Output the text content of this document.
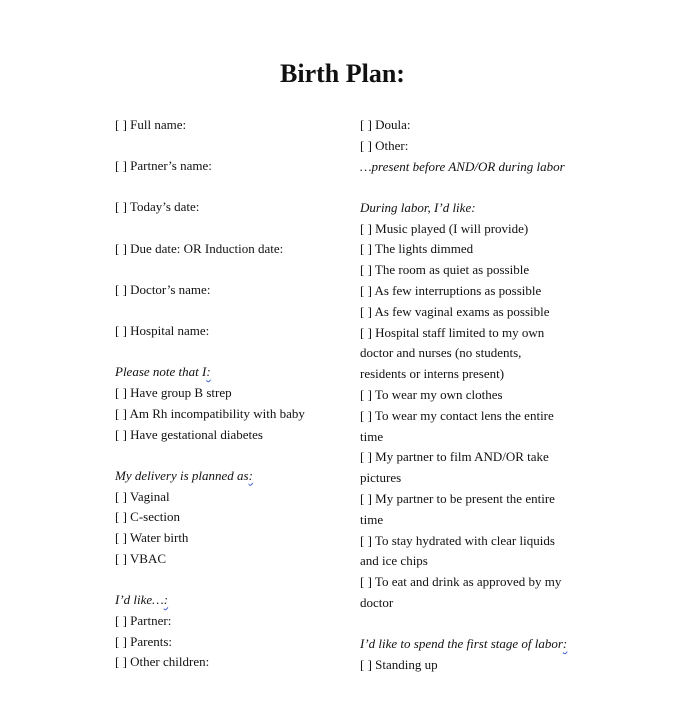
Birth Plan:
[ ] Full name:
[ ] Partner’s name:
[ ] Today’s date:
[ ] Due date: OR Induction date:
[ ] Doctor’s name:
[ ] Hospital name:
Please note that I:
[ ] Have group B strep
[ ] Am Rh incompatibility with baby
[ ] Have gestational diabetes
My delivery is planned as:
[ ] Vaginal
[ ] C-section
[ ] Water birth
[ ] VBAC
I’d like…:
[ ] Partner:
[ ] Parents:
[ ] Other children:
[ ] Doula:
[ ] Other:
…present before AND/OR during labor
During labor, I’d like:
[ ] Music played (I will provide)
[ ] The lights dimmed
[ ] The room as quiet as possible
[ ] As few interruptions as possible
[ ] As few vaginal exams as possible
[ ] Hospital staff limited to my own
doctor and nurses (no students,
residents or interns present)
[ ] To wear my own clothes
[ ] To wear my contact lens the entire
time
[ ] My partner to film AND/OR take
pictures
[ ] My partner to be present the entire
time
[ ] To stay hydrated with clear liquids
and ice chips
[ ] To eat and drink as approved by my
doctor
I’d like to spend the first stage of labor:
[ ] Standing up
